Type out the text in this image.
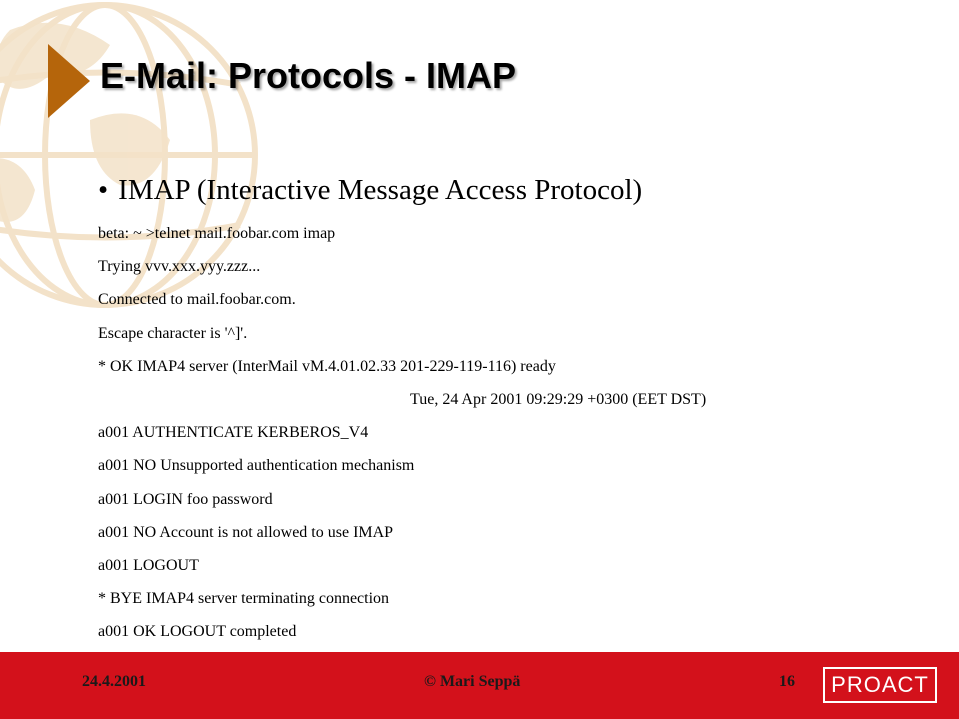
E-Mail: Protocols - IMAP
• IMAP (Interactive Message Access Protocol)
beta: ~ >telnet mail.foobar.com imap
Trying vvv.xxx.yyy.zzz...
Connected to mail.foobar.com.
Escape character is '^]'.
* OK IMAP4 server (InterMail vM.4.01.02.33 201-229-119-116) ready
Tue, 24 Apr 2001 09:29:29 +0300 (EET DST)
a001 AUTHENTICATE KERBEROS_V4
a001 NO Unsupported authentication mechanism
a001 LOGIN foo password
a001 NO Account is not allowed to use IMAP
a001 LOGOUT
* BYE IMAP4 server terminating connection
a001 OK LOGOUT completed
24.4.2001	© Mari Seppä	16	PROACT
